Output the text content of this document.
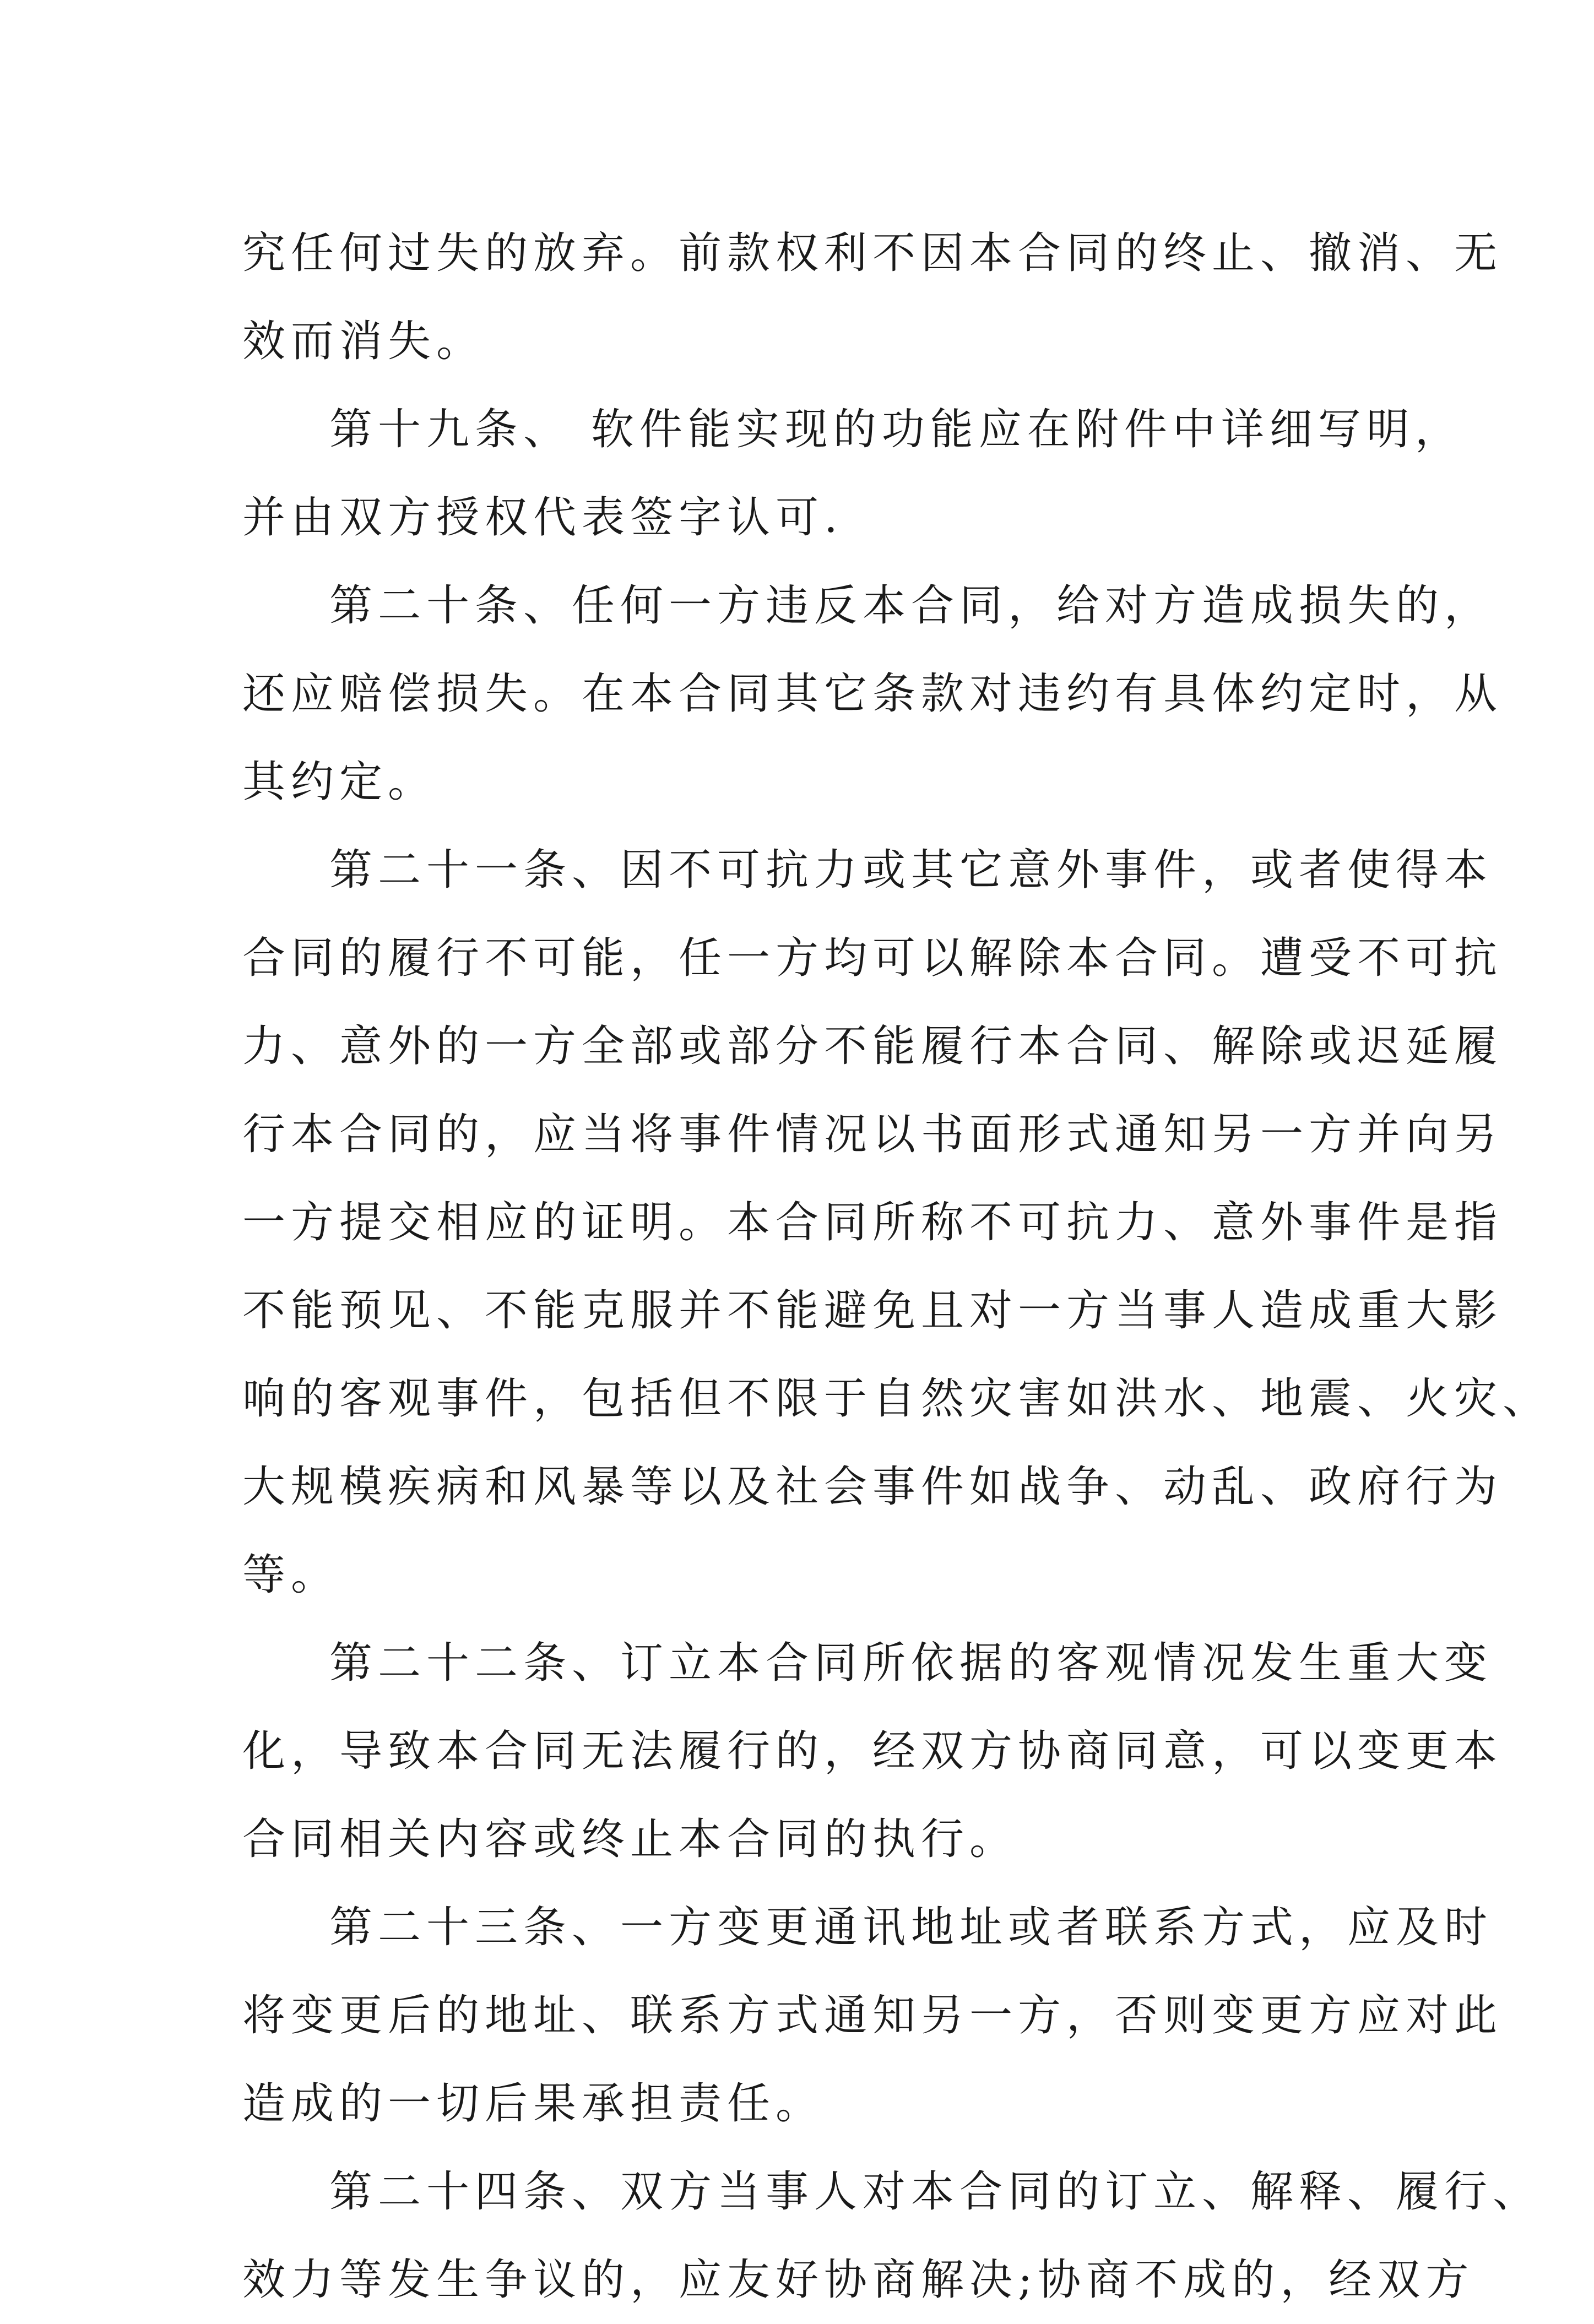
究任何过失的放弃。前款权利不因本合同的终止、撤消、无
效而消失。
第十九条、 软件能实现的功能应在附件中详细写明，
并由双方授权代表签字认可.
第二十条、任何一方违反本合同，给对方造成损失的，
还应赔偿损失。在本合同其它条款对违约有具体约定时，从
其约定。
第二十一条、因不可抗力或其它意外事件，或者使得本
合同的履行不可能，任一方均可以解除本合同。遭受不可抗
力、意外的一方全部或部分不能履行本合同、解除或迟延履
行本合同的，应当将事件情况以书面形式通知另一方并向另
一方提交相应的证明。本合同所称不可抗力、意外事件是指
不能预见、不能克服并不能避免且对一方当事人造成重大影
响的客观事件，包括但不限于自然灾害如洪水、地震、火灾、
大规模疾病和风暴等以及社会事件如战争、动乱、政府行为
等。
第二十二条、订立本合同所依据的客观情况发生重大变
化，导致本合同无法履行的，经双方协商同意，可以变更本
合同相关内容或终止本合同的执行。
第二十三条、一方变更通讯地址或者联系方式，应及时
将变更后的地址、联系方式通知另一方，否则变更方应对此
造成的一切后果承担责任。
第二十四条、双方当事人对本合同的订立、解释、履行、
效力等发生争议的，应友好协商解决;协商不成的，经双方
